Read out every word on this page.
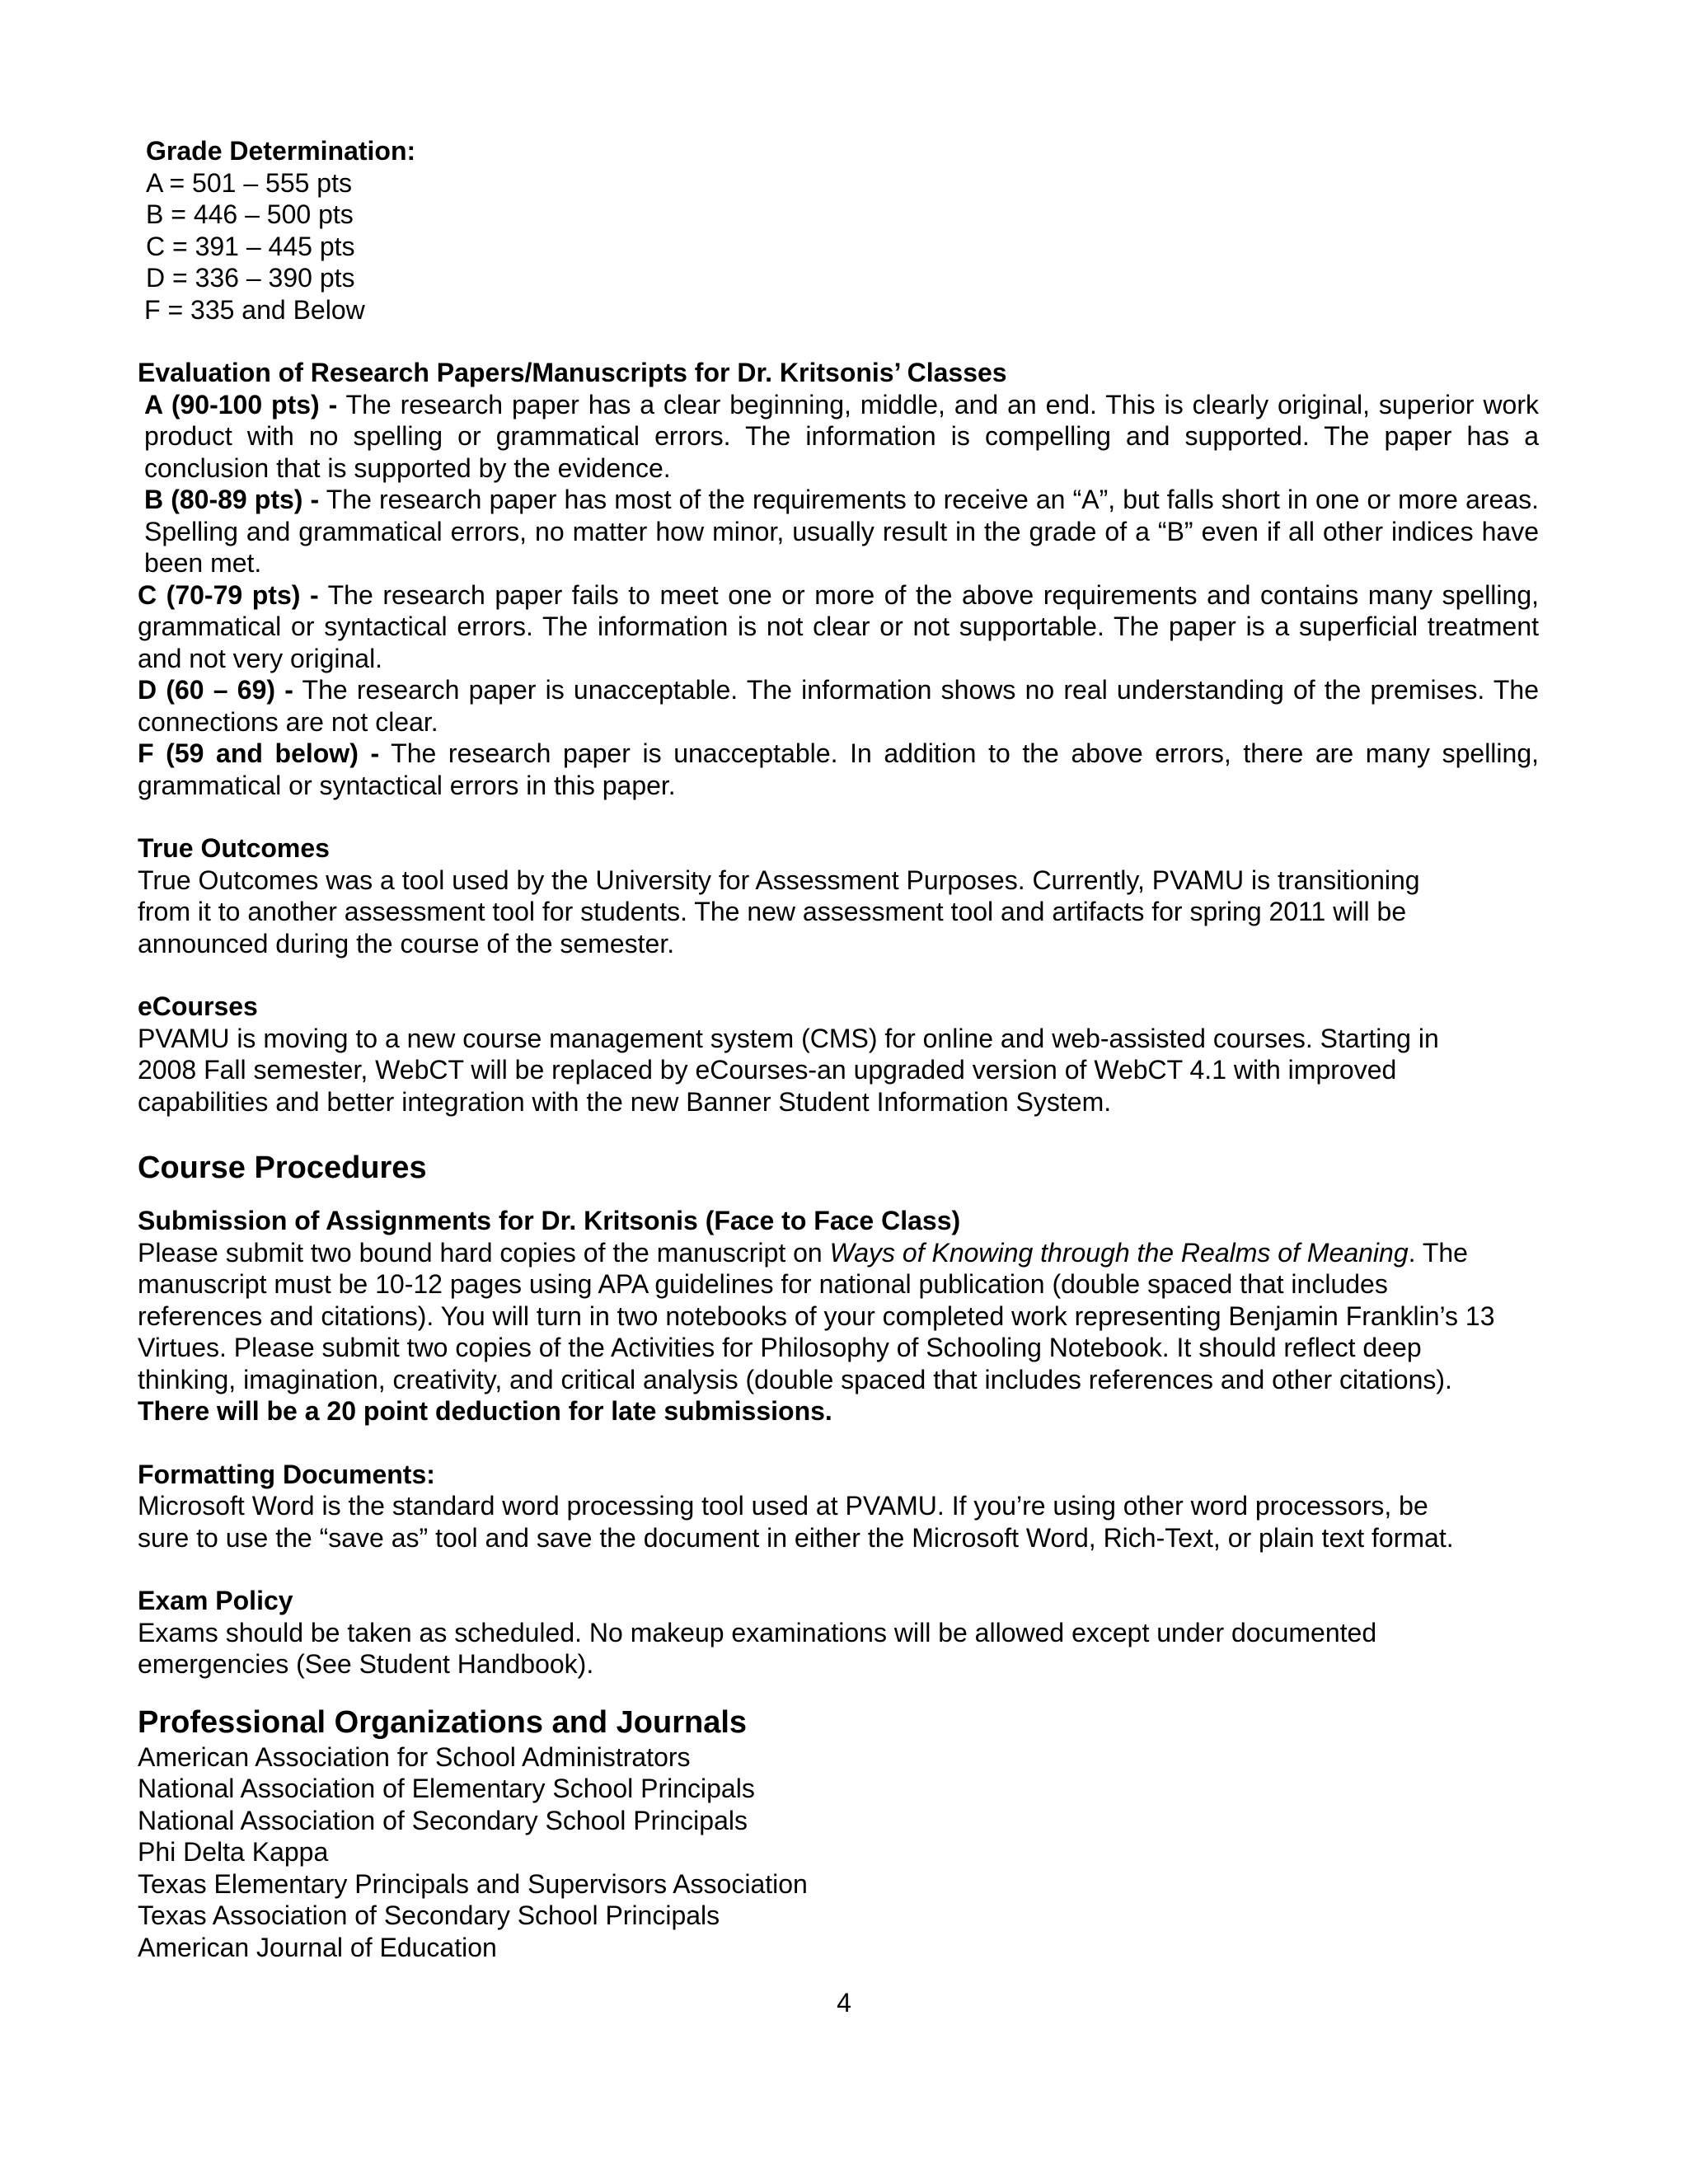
Grade Determination:
A = 501 – 555 pts
B = 446 – 500 pts
C = 391 – 445 pts
D = 336 – 390 pts
F = 335 and Below
Evaluation of Research Papers/Manuscripts for Dr. Kritsonis’ Classes

A (90-100 pts) - The research paper has a clear beginning, middle, and an end. This is clearly original, superior work product with no spelling or grammatical errors. The information is compelling and supported. The paper has a conclusion that is supported by the evidence.

B (80-89 pts) - The research paper has most of the requirements to receive an “A”, but falls short in one or more areas. Spelling and grammatical errors, no matter how minor, usually result in the grade of a “B” even if all other indices have been met.

C (70-79 pts) - The research paper fails to meet one or more of the above requirements and contains many spelling, grammatical or syntactical errors. The information is not clear or not supportable. The paper is a superficial treatment and not very original.

D (60 – 69) - The research paper is unacceptable. The information shows no real understanding of the premises. The connections are not clear.

F (59 and below) - The research paper is unacceptable. In addition to the above errors, there are many spelling, grammatical or syntactical errors in this paper.

True Outcomes
True Outcomes was a tool used by the University for Assessment Purposes. Currently, PVAMU is transitioning
from it to another assessment tool for students. The new assessment tool and artifacts for spring 2011 will be
announced during the course of the semester.
eCourses
PVAMU is moving to a new course management system (CMS) for online and web-assisted courses. Starting in
2008 Fall semester, WebCT will be replaced by eCourses-an upgraded version of WebCT 4.1 with improved
capabilities and better integration with the new Banner Student Information System.
Course Procedures
Submission of Assignments for Dr. Kritsonis (Face to Face Class)
Please submit two bound hard copies of the manuscript on Ways of Knowing through the Realms of Meaning. The
manuscript must be 10-12 pages using APA guidelines for national publication (double spaced that includes
references and citations). You will turn in two notebooks of your completed work representing Benjamin Franklin’s 13
Virtues. Please submit two copies of the Activities for Philosophy of Schooling Notebook. It should reflect deep
thinking, imagination, creativity, and critical analysis (double spaced that includes references and other citations).
There will be a 20 point deduction for late submissions.
Formatting Documents:
Microsoft Word is the standard word processing tool used at PVAMU. If you’re using other word processors, be
sure to use the “save as” tool and save the document in either the Microsoft Word, Rich-Text, or plain text format.
Exam Policy
Exams should be taken as scheduled. No makeup examinations will be allowed except under documented
emergencies (See Student Handbook).
Professional Organizations and Journals
American Association for School Administrators
National Association of Elementary School Principals
National Association of Secondary School Principals
Phi Delta Kappa
Texas Elementary Principals and Supervisors Association
Texas Association of Secondary School Principals
American Journal of Education
4
